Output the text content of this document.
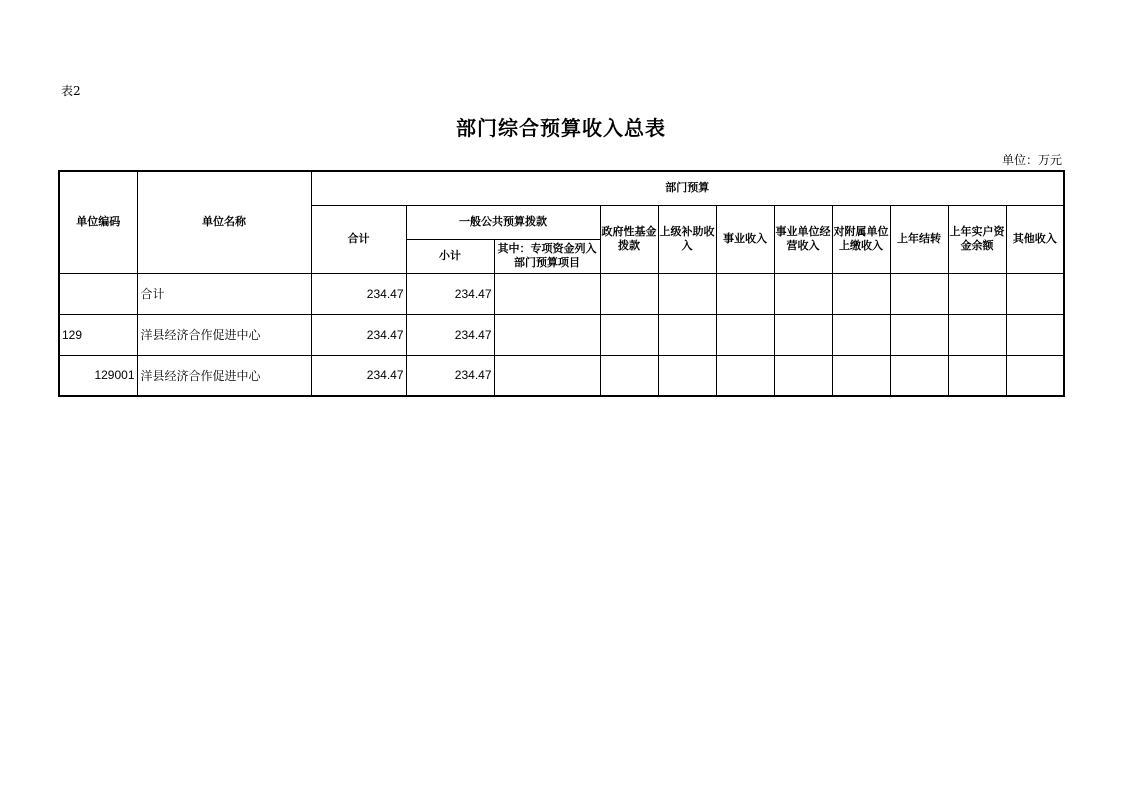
表2
部门综合预算收入总表
单位：万元
单位编码	单位名称	部门预算										
		合计	一般公共预算拨款		政府性基金拨款	上级补助收入	事业收入	事业单位经营收入	对附属单位上缴收入	上年结转	上年实户资金余额	其他收入
			小计	其中：专项资金列入部门预算项目								
	合计	234.47	234.47									
129	洋县经济合作促进中心	234.47	234.47									
129001	洋县经济合作促进中心	234.47	234.47									
